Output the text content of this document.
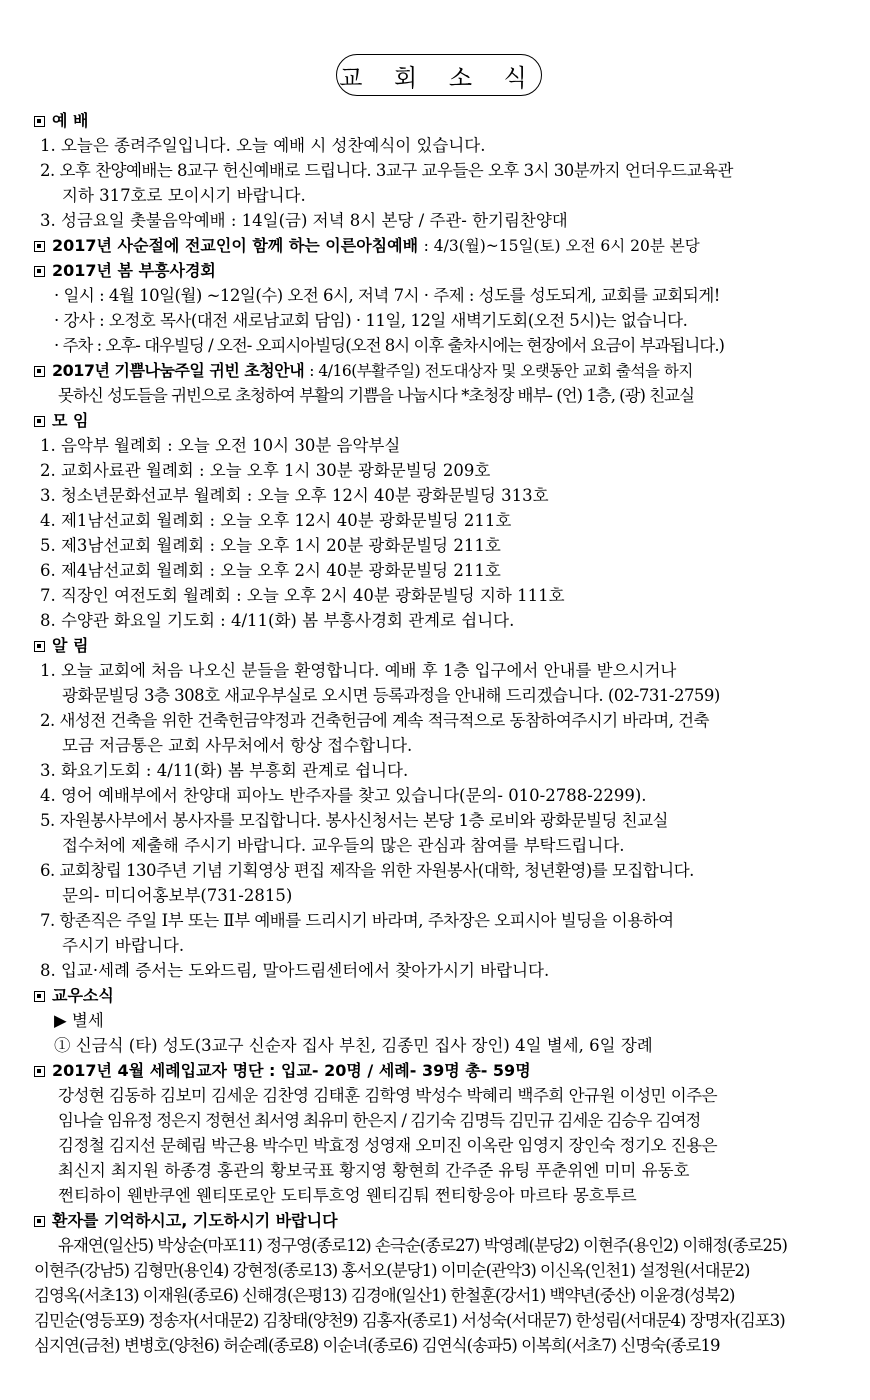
교 회 소 식
예 배
1. 오늘은 종려주일입니다. 오늘 예배 시 성찬예식이 있습니다.
2. 오후 찬양예배는 8교구 헌신예배로 드립니다. 3교구 교우들은 오후 3시 30분까지 언더우드교육관
지하 317호로 모이시기 바랍니다.
3. 성금요일 촛불음악예배 : 14일(금) 저녁 8시 본당 / 주관- 한기림찬양대
2017년 사순절에 전교인이 함께 하는 이른아침예배 : 4/3(월)~15일(토) 오전 6시 20분 본당
2017년 봄 부흥사경회
· 일시 : 4월 10일(월) ~12일(수) 오전 6시, 저녁 7시 · 주제 : 성도를 성도되게, 교회를 교회되게!
· 강사 : 오정호 목사(대전 새로남교회 담임) · 11일, 12일 새벽기도회(오전 5시)는 없습니다.
· 주차 : 오후- 대우빌딩 / 오전- 오피시아빌딩(오전 8시 이후 출차시에는 현장에서 요금이 부과됩니다.)
2017년 기쁨나눔주일 귀빈 초청안내 : 4/16(부활주일) 전도대상자 및 오랫동안 교회 출석을 하지
못하신 성도들을 귀빈으로 초청하여 부활의 기쁨을 나눕시다 *초청장 배부- (언) 1층, (광) 친교실
모 임
1. 음악부 월례회 : 오늘 오전 10시 30분 음악부실
2. 교회사료관 월례회 : 오늘 오후 1시 30분 광화문빌딩 209호
3. 청소년문화선교부 월례회 : 오늘 오후 12시 40분 광화문빌딩 313호
4. 제1남선교회 월례회 : 오늘 오후 12시 40분 광화문빌딩 211호
5. 제3남선교회 월례회 : 오늘 오후 1시 20분 광화문빌딩 211호
6. 제4남선교회 월례회 : 오늘 오후 2시 40분 광화문빌딩 211호
7. 직장인 여전도회 월례회 : 오늘 오후 2시 40분 광화문빌딩 지하 111호
8. 수양관 화요일 기도회 : 4/11(화) 봄 부흥사경회 관계로 쉽니다.
알 림
1. 오늘 교회에 처음 나오신 분들을 환영합니다. 예배 후 1층 입구에서 안내를 받으시거나
광화문빌딩 3층 308호 새교우부실로 오시면 등록과정을 안내해 드리겠습니다. (02-731-2759)
2. 새성전 건축을 위한 건축헌금약정과 건축헌금에 계속 적극적으로 동참하여주시기 바라며, 건축
모금 저금통은 교회 사무처에서 항상 접수합니다.
3. 화요기도회 : 4/11(화) 봄 부흥회 관계로 쉽니다.
4. 영어 예배부에서 찬양대 피아노 반주자를 찾고 있습니다(문의- 010-2788-2299).
5. 자원봉사부에서 봉사자를 모집합니다. 봉사신청서는 본당 1층 로비와 광화문빌딩 친교실
접수처에 제출해 주시기 바랍니다. 교우들의 많은 관심과 참여를 부탁드립니다.
6. 교회창립 130주년 기념 기획영상 편집 제작을 위한 자원봉사(대학, 청년환영)를 모집합니다.
문의- 미디어홍보부(731-2815)
7. 항존직은 주일 Ⅰ부 또는 Ⅱ부 예배를 드리시기 바라며, 주차장은 오피시아 빌딩을 이용하여
주시기 바랍니다.
8. 입교·세례 증서는 도와드림, 말아드림센터에서 찾아가시기 바랍니다.
교우소식
▶ 별세
① 신금식 (타) 성도(3교구 신순자 집사 부친, 김종민 집사 장인) 4일 별세, 6일 장례
2017년 4월 세례입교자 명단 : 입교- 20명 / 세례- 39명 총- 59명
강성현 김동하 김보미 김세운 김찬영 김태훈 김학영 박성수 박혜리 백주희 안규원 이성민 이주은
임나슬 임유정 정은지 정현선 최서영 최유미 한은지 / 김기숙 김명득 김민규 김세운 김승우 김여정
김정철 김지선 문혜림 박근용 박수민 박효정 성영재 오미진 이옥란 임영지 장인숙 정기오 진용은
최신지 최지원 하종경 홍관의 황보국표 황지영 황현희 간주준 유팅 푸춘위엔 미미 유동호
쩐티하이 웬반쿠엔 웬티또로안 도티투흐엉 웬티김퉈 쩐티항응아 마르타 몽흐투르
환자를 기억하시고, 기도하시기 바랍니다
유재연(일산5) 박상순(마포11) 정구영(종로12) 손극순(종로27) 박영례(분당2) 이현주(용인2) 이해정(종로25)
이현주(강남5) 김형만(용인4) 강현정(종로13) 홍서오(분당1) 이미순(관악3) 이신옥(인천1) 설정원(서대문2)
김영옥(서초13) 이재원(종로6) 신해경(은평13) 김경애(일산1) 한철훈(강서1) 백약년(중산) 이윤경(성북2)
김민순(영등포9) 정송자(서대문2) 김창태(양천9) 김홍자(종로1) 서성숙(서대문7) 한성림(서대문4) 장명자(김포3)
심지연(금천) 변병호(양천6) 허순례(종로8) 이순녀(종로6) 김연식(송파5) 이복희(서초7) 신명숙(종로19
